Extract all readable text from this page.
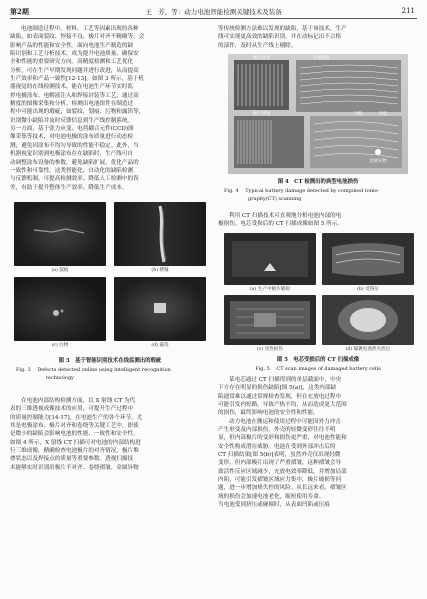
第2期	王　芳，等：动力电池智能检测关键技术及装备	211
电池制造过程中，材料、工艺等因素出现的各种
缺陷，如表面裂纹、焊接不良、极片对齐不精确等，会
影响产品的性能和安全性。面向电池生产制造的缺
陷识别和工艺分析技术，成为提升电池质量、确保安
全和性能的重要研究方向。高精度检测和工艺优化
分析，可在生产早期发现问题并进行改进，从而提高
生产效率和产品一致性[12-13]。如图 3 所示，基于机
器视觉的在线检测技术，能在电池生产环节实时监
控电极涂布、电解液注入和焊接封装等工艺，通过高
精度的图像采集和分析，检测出电池组件在制造过
程中可能出现的瑕疵，如裂纹、划痕、污物和露箔等，
识别微小缺陷并及时反馈信息到生产线控制系统。
另一方面，基于张力应变、电荷耦合元件(CCD)图
像采集等技术，对电池电极的涂布质量进行动态检
测，避免因涂布不均匀导致的性能不稳定。此外，当
机器视觉识别到电极涂布存在缺陷时，生产线可自
动调整涂布设备的参数，避免缺陷扩展，优化产品的
一致性和可靠性。这类智能化、自动化的缺陷检测
与反馈机制，可提高检测效率、降低人工检测中的误
差，有助于提升整体生产效率、降低生产成本。
(a) 裂痕	(b) 褶皱
(c) 污物	(d) 露箔
图 3　基于智能识别技术在线监测出的瑕疵
Fig. 3　 Defects detected online using intelligent recognition
technology
在电池内部结构检测方面，以 X 射线 CT 为代
表的三维透视成像技术的应用，可提升生产过程中
的质量控制能力[14-17]。在电池生产的各个环节，尤
其是电极涂布、极片对齐和卷绕等关键工艺中，即使
是微小的缺陷会影响电池的性能、一致性和安全性。
如图 4 所示，X 射线 CT 扫描可对电池的内部结构进
行三维成像，精确检查电池极片的对齐情况、极片堆
叠状态以及焊接点的质量等重要参数。透视扫描技
术能够实时识别出极片不对齐、卷绕褶皱、金属异物
等传统检测方法难以发现的缺陷，基于该技术，生产
线可实现更高效的缺陷识别，并在动标记出不合格
的部件，及时从生产线上剔除。
极片对齐	卷绕褶皱
极片褶皱
金属异物
内壁	外壁
图 4　CT 检测出的典型电池损伤
Fig. 4　 Typical battery damage detected by computed tomo-
graphy(CT) scanning
利用 CT 扫描技术可直观地分析电池内部的电
极损伤。电芯受损后的 CT 扫描成像如图 5 所示。
(a) 生产中极片破损	(b) 受挤压
(c) 受热损伤	(d) 镍镀电池热失控后
图 5　电芯受损后的 CT 扫描成像
Fig. 5　 CT scan images of damaged battery cells
某电芯通过 CT 扫描得到的单层截面中，中央
下方存在明显的损伤缺陷[图 5(a)]，这类内部缺
陷通常难以通过常规检查发现，但在充放电过程中
可能引发内短路，导致产热不均，从而造成更大范围
的损伤，最终影响电池的安全性和性能。
动力电池在搬运和使用过程中可能因外力冲击
产生形变及内部损伤。外壳的轻微变形往往不明
显，但内部极片的变形和损伤更严重，对电池性能和
安全性构成潜在威胁。电池在受到外部冲击后的
CT 扫描结果[图 5(b)]表明，虽然外壳仅出现轻微
变形，但内部极片出现了严重褶皱。这种褶皱会导
致活性反应区域减少，充放电效率降低，并增加局部
内阻，可能引发褶皱区域应力集中，极片破损等问
题，进一步增加热失控的风险。从长远来看，褶皱区
域的损伤会加速电池老化，缩短使用寿命。
当电池受到挤压或碰撞时，从表面凹陷或压痕
